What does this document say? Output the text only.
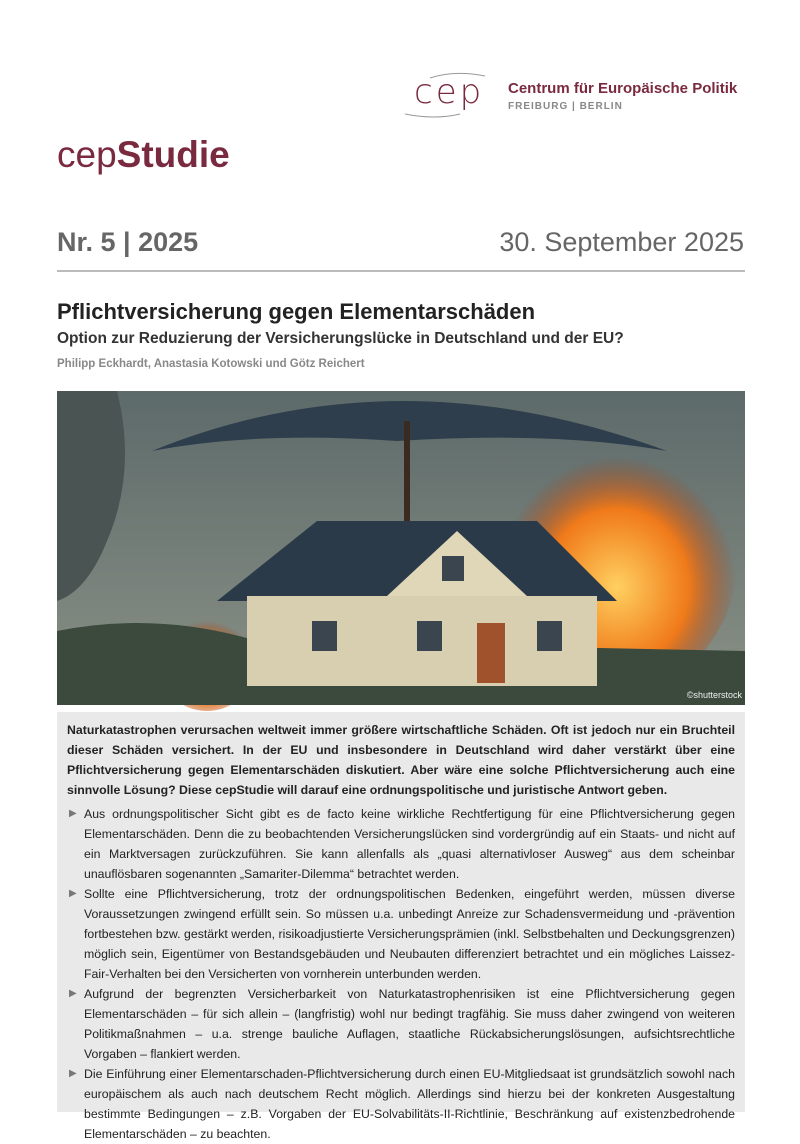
cep Centrum für Europäische Politik
FREIBURG | BERLIN
cepStudie
Nr. 5 | 2025	30. September 2025
Pflichtversicherung gegen Elementarschäden
Option zur Reduzierung der Versicherungslücke in Deutschland und der EU?
Philipp Eckhardt, Anastasia Kotowski und Götz Reichert
©shutterstock
Naturkatastrophen verursachen weltweit immer größere wirtschaftliche Schäden. Oft ist jedoch nur ein Bruchteil dieser Schäden versichert. In der EU und insbesondere in Deutschland wird daher verstärkt über eine Pflichtversicherung gegen Elementarschäden diskutiert. Aber wäre eine solche Pflichtversicherung auch eine sinnvolle Lösung? Diese cepStudie will darauf eine ordnungspolitische und juristische Antwort geben.
▶ Aus ordnungspolitischer Sicht gibt es de facto keine wirkliche Rechtfertigung für eine Pflichtversicherung gegen Elementarschäden. Denn die zu beobachtenden Versicherungslücken sind vordergründig auf ein Staats- und nicht auf ein Marktversagen zurückzuführen. Sie kann allenfalls als „quasi alternativloser Ausweg“ aus dem scheinbar unauflösbaren sogenannten „Samariter-Dilemma“ betrachtet werden.
▶ Sollte eine Pflichtversicherung, trotz der ordnungspolitischen Bedenken, eingeführt werden, müssen diverse Voraussetzungen zwingend erfüllt sein. So müssen u.a. unbedingt Anreize zur Schadensvermeidung und -prävention fortbestehen bzw. gestärkt werden, risikoadjustierte Versicherungsprämien (inkl. Selbstbehalten und Deckungsgrenzen) möglich sein, Eigentümer von Bestandsgebäuden und Neubauten differenziert betrachtet und ein mögliches Laissez-Fair-Verhalten bei den Versicherten von vornherein unterbunden werden.
▶ Aufgrund der begrenzten Versicherbarkeit von Naturkatastrophenrisiken ist eine Pflichtversicherung gegen Elementarschäden – für sich allein – (langfristig) wohl nur bedingt tragfähig. Sie muss daher zwingend von weiteren Politikmaßnahmen – u.a. strenge bauliche Auflagen, staatliche Rückabsicherungslösungen, aufsichtsrechtliche Vorgaben – flankiert werden.
▶ Die Einführung einer Elementarschaden-Pflichtversicherung durch einen EU-Mitgliedsaat ist grundsätzlich sowohl nach europäischem als auch nach deutschem Recht möglich. Allerdings sind hierzu bei der konkreten Ausgestaltung bestimmte Bedingungen – z.B. Vorgaben der EU-Solvabilitäts-II-Richtlinie, Beschränkung auf existenzbedrohende Elementarschäden – zu beachten.
